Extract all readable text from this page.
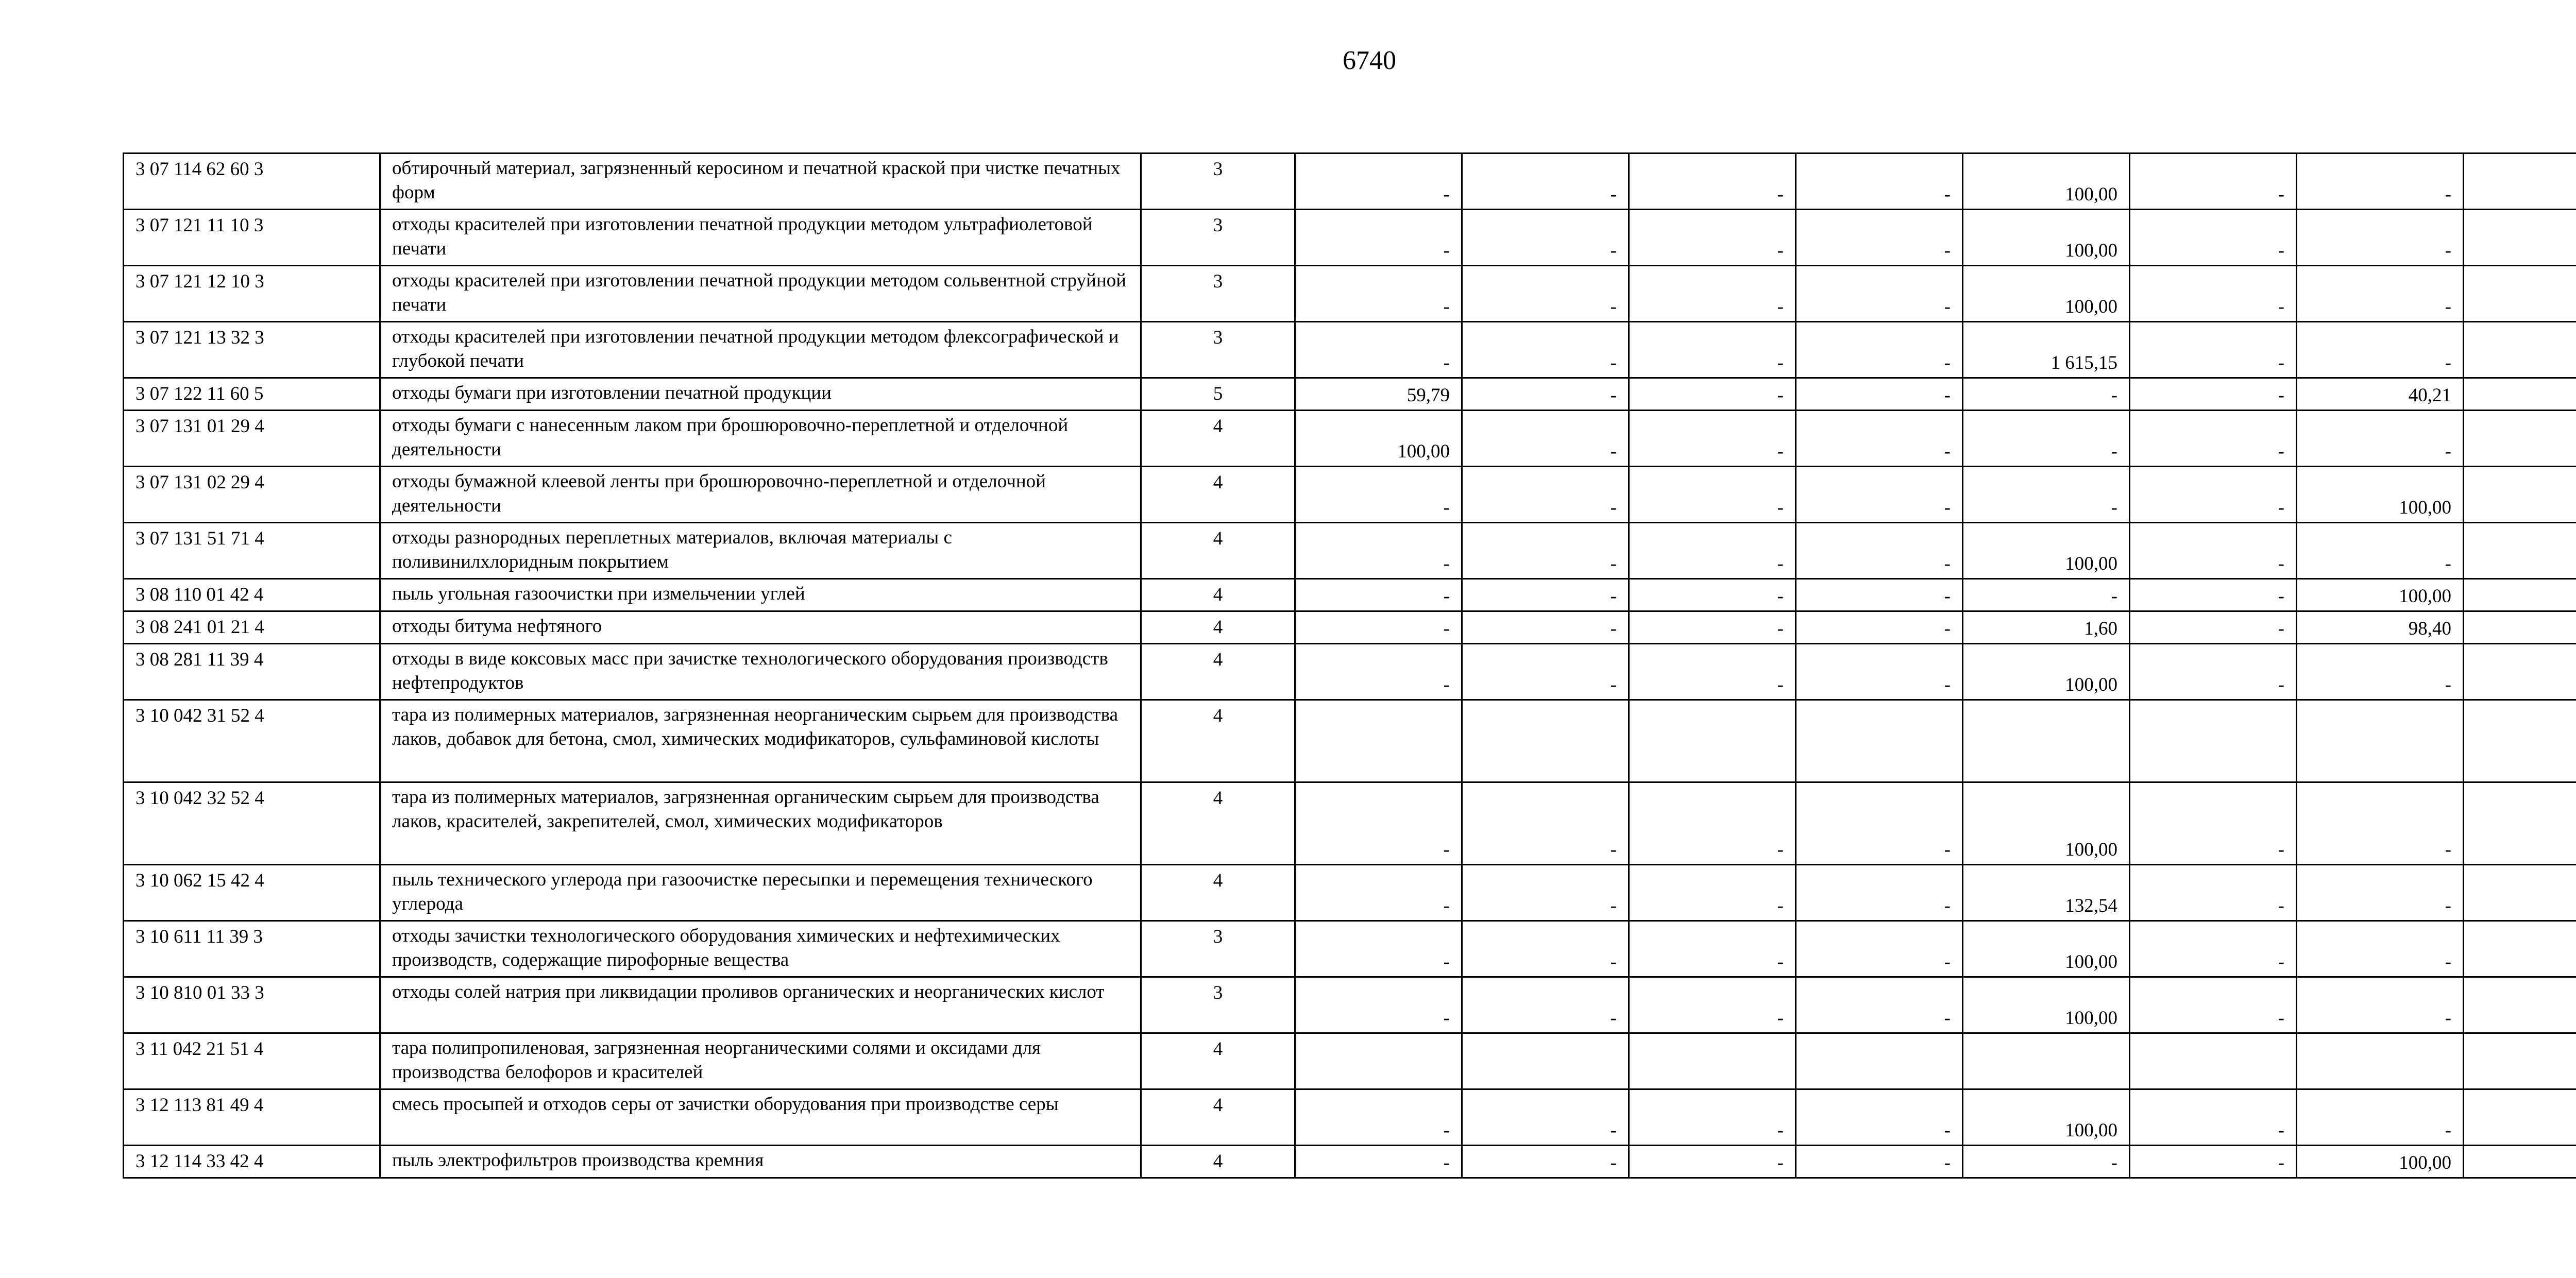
6740
3 07 114 62 60 3	обтирочный материал, загрязненный керосином и печатной краской при чистке печатных форм	3	-	-	-	-	100,00	-	-	
3 07 121 11 10 3	отходы красителей при изготовлении печатной продукции методом ультрафиолетовой печати	3	-	-	-	-	100,00	-	-	
3 07 121 12 10 3	отходы красителей при изготовлении печатной продукции методом сольвентной струйной печати	3	-	-	-	-	100,00	-	-	
3 07 121 13 32 3	отходы красителей при изготовлении печатной продукции методом флексографической и глубокой печати	3	-	-	-	-	1 615,15	-	-	
3 07 122 11 60 5	отходы бумаги при изготовлении печатной продукции	5	59,79	-	-	-	-	-	40,21	
3 07 131 01 29 4	отходы бумаги с нанесенным лаком при брошюровочно-переплетной и отделочной деятельности	4	100,00	-	-	-	-	-	-	
3 07 131 02 29 4	отходы бумажной клеевой ленты при брошюровочно-переплетной и отделочной деятельности	4	-	-	-	-	-	-	100,00	
3 07 131 51 71 4	отходы разнородных переплетных материалов, включая материалы с поливинилхлоридным покрытием	4	-	-	-	-	100,00	-	-	
3 08 110 01 42 4	пыль угольная газоочистки при измельчении углей	4	-	-	-	-	-	-	100,00	
3 08 241 01 21 4	отходы битума нефтяного	4	-	-	-	-	1,60	-	98,40	
3 08 281 11 39 4	отходы в виде коксовых масс при зачистке технологического оборудования производств нефтепродуктов	4	-	-	-	-	100,00	-	-	
3 10 042 31 52 4	тара из полимерных материалов, загрязненная неорганическим сырьем для производства лаков, добавок для бетона, смол, химических модификаторов, сульфаминовой кислоты	4								
3 10 042 32 52 4	тара из полимерных материалов, загрязненная органическим сырьем для производства лаков, красителей, закрепителей, смол, химических модификаторов	4	-	-	-	-	100,00	-	-	
3 10 062 15 42 4	пыль технического углерода при газоочистке пересыпки и перемещения технического углерода	4	-	-	-	-	132,54	-	-	
3 10 611 11 39 3	отходы зачистки технологического оборудования химических и нефтехимических производств, содержащие пирофорные вещества	3	-	-	-	-	100,00	-	-	
3 10 810 01 33 3	отходы солей натрия при ликвидации проливов органических и неорганических кислот	3	-	-	-	-	100,00	-	-	
3 11 042 21 51 4	тара полипропиленовая, загрязненная неорганическими солями и оксидами для производства белофоров и красителей	4								
3 12 113 81 49 4	смесь просыпей и отходов серы от зачистки оборудования при производстве серы	4	-	-	-	-	100,00	-	-	
3 12 114 33 42 4	пыль электрофильтров производства кремния	4	-	-	-	-	-	-	100,00	
